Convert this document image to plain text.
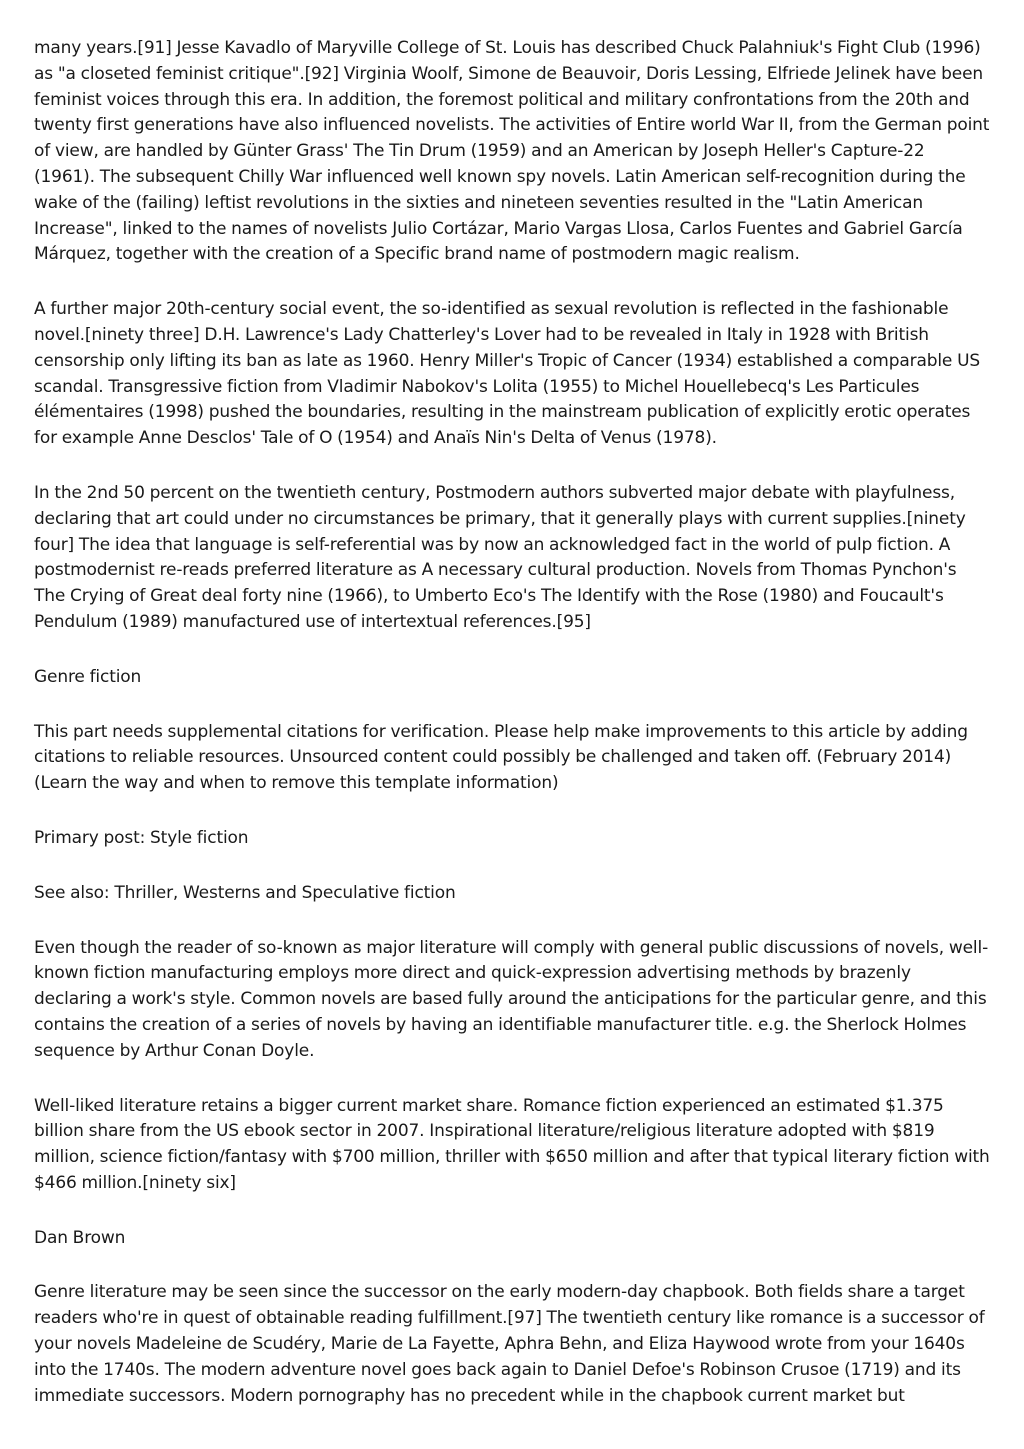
many years.[91] Jesse Kavadlo of Maryville College of St. Louis has described Chuck Palahniuk's Fight Club (1996) as "a closeted feminist critique".[92] Virginia Woolf, Simone de Beauvoir, Doris Lessing, Elfriede Jelinek have been feminist voices through this era. In addition, the foremost political and military confrontations from the 20th and twenty first generations have also influenced novelists. The activities of Entire world War II, from the German point of view, are handled by Günter Grass' The Tin Drum (1959) and an American by Joseph Heller's Capture-22 (1961). The subsequent Chilly War influenced well known spy novels. Latin American self-recognition during the wake of the (failing) leftist revolutions in the sixties and nineteen seventies resulted in the "Latin American Increase", linked to the names of novelists Julio Cortázar, Mario Vargas Llosa, Carlos Fuentes and Gabriel García Márquez, together with the creation of a Specific brand name of postmodern magic realism.

A further major 20th-century social event, the so-identified as sexual revolution is reflected in the fashionable novel.[ninety three] D.H. Lawrence's Lady Chatterley's Lover had to be revealed in Italy in 1928 with British censorship only lifting its ban as late as 1960. Henry Miller's Tropic of Cancer (1934) established a comparable US scandal. Transgressive fiction from Vladimir Nabokov's Lolita (1955) to Michel Houellebecq's Les Particules élémentaires (1998) pushed the boundaries, resulting in the mainstream publication of explicitly erotic operates for example Anne Desclos' Tale of O (1954) and Anaïs Nin's Delta of Venus (1978).

In the 2nd 50 percent on the twentieth century, Postmodern authors subverted major debate with playfulness, declaring that art could under no circumstances be primary, that it generally plays with current supplies.[ninety four] The idea that language is self-referential was by now an acknowledged fact in the world of pulp fiction. A postmodernist re-reads preferred literature as A necessary cultural production. Novels from Thomas Pynchon's The Crying of Great deal forty nine (1966), to Umberto Eco's The Identify with the Rose (1980) and Foucault's Pendulum (1989) manufactured use of intertextual references.[95]

Genre fiction

This part needs supplemental citations for verification. Please help make improvements to this article by adding citations to reliable resources. Unsourced content could possibly be challenged and taken off. (February 2014) (Learn the way and when to remove this template information)

Primary post: Style fiction

See also: Thriller, Westerns and Speculative fiction

Even though the reader of so-known as major literature will comply with general public discussions of novels, well-known fiction manufacturing employs more direct and quick-expression advertising methods by brazenly declaring a work's style. Common novels are based fully around the anticipations for the particular genre, and this contains the creation of a series of novels by having an identifiable manufacturer title. e.g. the Sherlock Holmes sequence by Arthur Conan Doyle.

Well-liked literature retains a bigger current market share. Romance fiction experienced an estimated $1.375 billion share from the US ebook sector in 2007. Inspirational literature/religious literature adopted with $819 million, science fiction/fantasy with $700 million, thriller with $650 million and after that typical literary fiction with $466 million.[ninety six]

Dan Brown

Genre literature may be seen since the successor on the early modern-day chapbook. Both fields share a target readers who're in quest of obtainable reading fulfillment.[97] The twentieth century like romance is a successor of your novels Madeleine de Scudéry, Marie de La Fayette, Aphra Behn, and Eliza Haywood wrote from your 1640s into the 1740s. The modern adventure novel goes back again to Daniel Defoe's Robinson Crusoe (1719) and its immediate successors. Modern pornography has no precedent while in the chapbook current market but
